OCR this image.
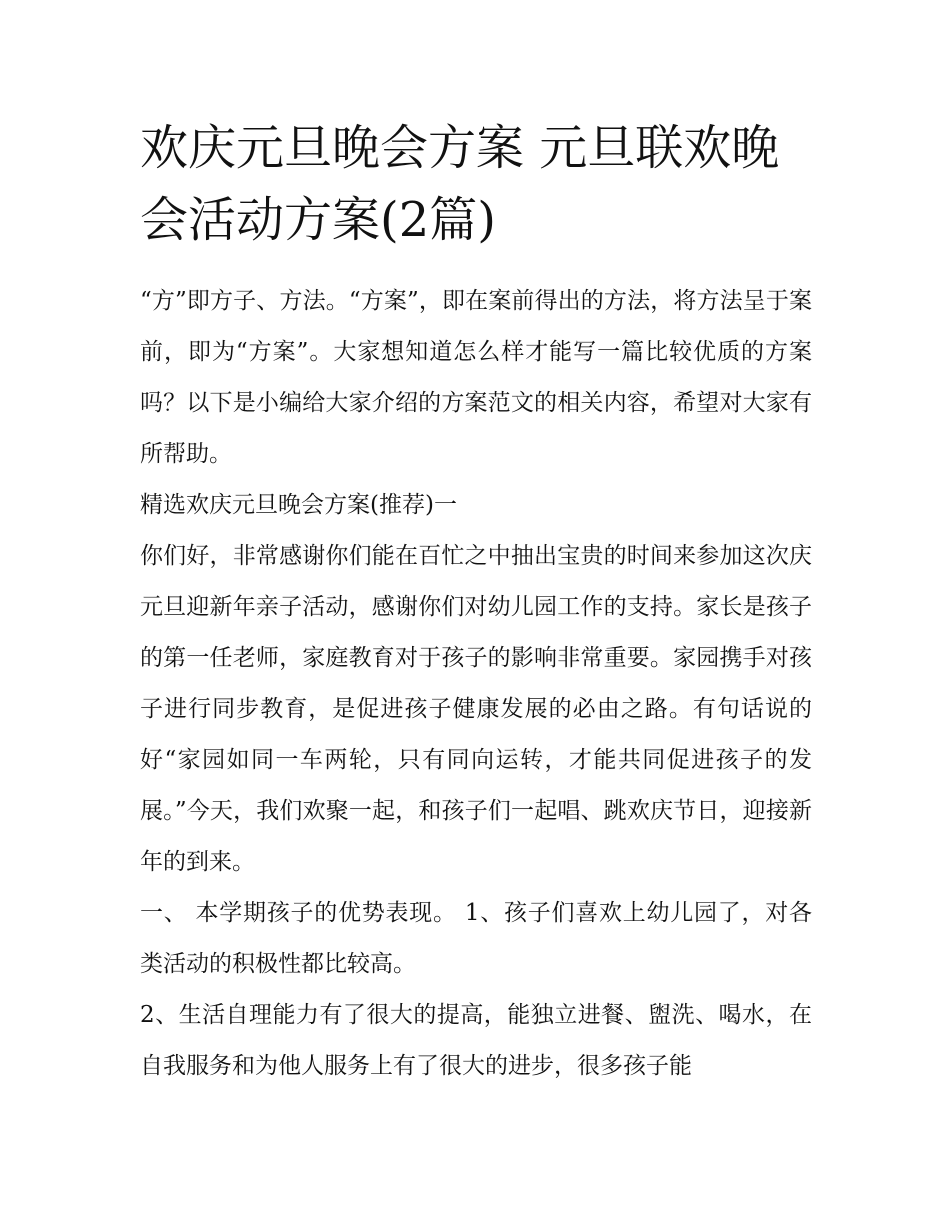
欢庆元旦晚会方案 元旦联欢晚会活动方案(2篇)

“方”即方子、方法。“方案”，即在案前得出的方法，将方法呈于案前，即为“方案”。大家想知道怎么样才能写一篇比较优质的方案吗？以下是小编给大家介绍的方案范文的相关内容，希望对大家有所帮助。

精选欢庆元旦晚会方案(推荐)一

你们好，非常感谢你们能在百忙之中抽出宝贵的时间来参加这次庆元旦迎新年亲子活动，感谢你们对幼儿园工作的支持。家长是孩子的第一任老师，家庭教育对于孩子的影响非常重要。家园携手对孩子进行同步教育，是促进孩子健康发展的必由之路。有句话说的好“家园如同一车两轮，只有同向运转，才能共同促进孩子的发展。”今天，我们欢聚一起，和孩子们一起唱、跳欢庆节日，迎接新年的到来。

一、 本学期孩子的优势表现。 1、孩子们喜欢上幼儿园了，对各类活动的积极性都比较高。

2、生活自理能力有了很大的提高，能独立进餐、盥洗、喝水，在自我服务和为他人服务上有了很大的进步，很多孩子能
